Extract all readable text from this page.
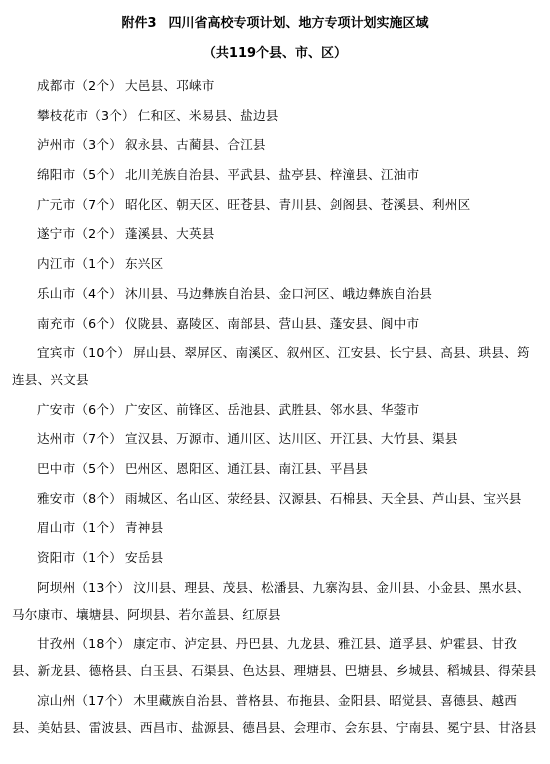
附件3 四川省高校专项计划、地方专项计划实施区域
（共119个县、市、区）

成都市（2个） 大邑县、邛崃市

攀枝花市（3个） 仁和区、米易县、盐边县

泸州市（3个） 叙永县、古蔺县、合江县

绵阳市（5个） 北川羌族自治县、平武县、盐亭县、梓潼县、江油市

广元市（7个） 昭化区、朝天区、旺苍县、青川县、剑阁县、苍溪县、利州区

遂宁市（2个） 蓬溪县、大英县

内江市（1个） 东兴区

乐山市（4个） 沐川县、马边彝族自治县、金口河区、峨边彝族自治县

南充市（6个） 仪陇县、嘉陵区、南部县、营山县、蓬安县、阆中市

宜宾市（10个） 屏山县、翠屏区、南溪区、叙州区、江安县、长宁县、高县、珙县、筠连县、兴文县

广安市（6个） 广安区、前锋区、岳池县、武胜县、邻水县、华蓥市

达州市（7个） 宣汉县、万源市、通川区、达川区、开江县、大竹县、渠县

巴中市（5个） 巴州区、恩阳区、通江县、南江县、平昌县

雅安市（8个） 雨城区、名山区、荥经县、汉源县、石棉县、天全县、芦山县、宝兴县

眉山市（1个） 青神县

资阳市（1个） 安岳县

阿坝州（13个） 汶川县、理县、茂县、松潘县、九寨沟县、金川县、小金县、黑水县、马尔康市、壤塘县、阿坝县、若尔盖县、红原县

甘孜州（18个） 康定市、泸定县、丹巴县、九龙县、雅江县、道孚县、炉霍县、甘孜县、新龙县、德格县、白玉县、石渠县、色达县、理塘县、巴塘县、乡城县、稻城县、得荣县

凉山州（17个） 木里藏族自治县、普格县、布拖县、金阳县、昭觉县、喜德县、越西县、美姑县、雷波县、西昌市、盐源县、德昌县、会理市、会东县、宁南县、冕宁县、甘洛县
